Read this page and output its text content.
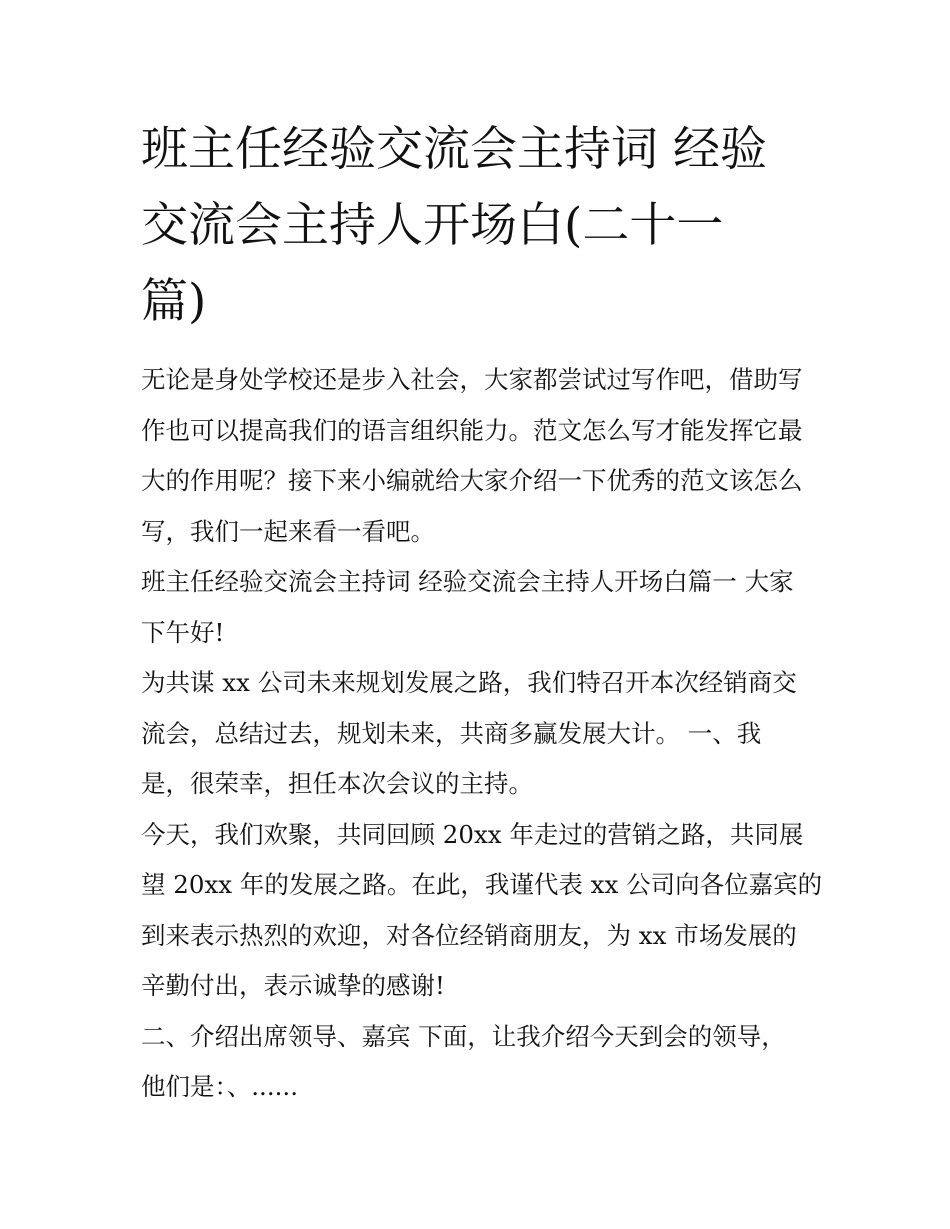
班主任经验交流会主持词 经验
交流会主持人开场白(二十一
篇)

无论是身处学校还是步入社会，大家都尝试过写作吧，借助写
作也可以提高我们的语言组织能力。范文怎么写才能发挥它最
大的作用呢？接下来小编就给大家介绍一下优秀的范文该怎么
写，我们一起来看一看吧。

班主任经验交流会主持词 经验交流会主持人开场白篇一 大家
下午好!

为共谋 xx 公司未来规划发展之路，我们特召开本次经销商交
流会，总结过去，规划未来，共商多赢发展大计。 一、我
是，很荣幸，担任本次会议的主持。

今天，我们欢聚，共同回顾 20xx 年走过的营销之路，共同展
望 20xx 年的发展之路。在此，我谨代表 xx 公司向各位嘉宾的
到来表示热烈的欢迎，对各位经销商朋友，为 xx 市场发展的
辛勤付出，表示诚挚的感谢!

二、介绍出席领导、嘉宾 下面，让我介绍今天到会的领导，
他们是：、......
